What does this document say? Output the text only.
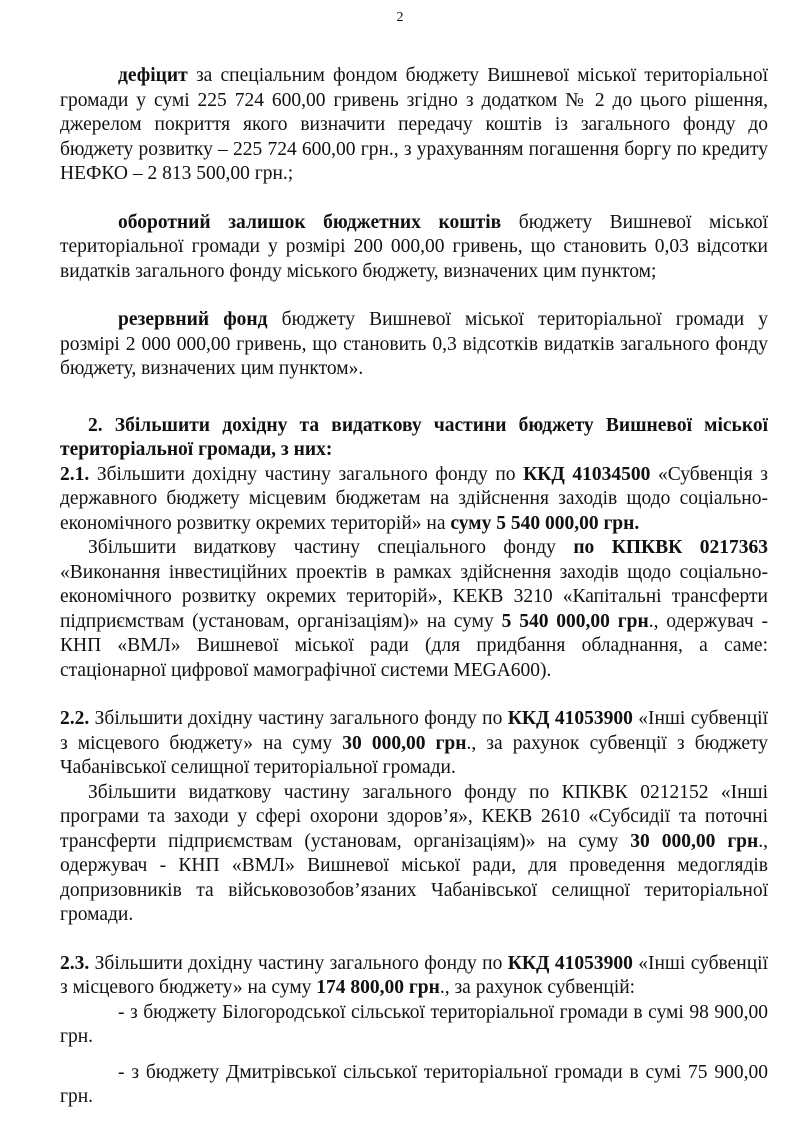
2

дефіцит за спеціальним фондом бюджету Вишневої міської територіальної громади у сумі 225 724 600,00 гривень згідно з додатком № 2 до цього рішення, джерелом покриття якого визначити передачу коштів із загального фонду до бюджету розвитку – 225 724 600,00 грн., з урахуванням погашення боргу по кредиту НЕФКО – 2 813 500,00 грн.;

оборотний залишок бюджетних коштів бюджету Вишневої міської територіальної громади у розмірі 200 000,00 гривень, що становить 0,03 відсотки видатків загального фонду міського бюджету, визначених цим пунктом;

резервний фонд бюджету Вишневої міської територіальної громади у розмірі 2 000 000,00 гривень, що становить 0,3 відсотків видатків загального фонду бюджету, визначених цим пунктом».

2. Збільшити дохідну та видаткову частини бюджету Вишневої міської територіальної громади, з них:

2.1. Збільшити дохідну частину загального фонду по ККД 41034500 «Субвенція з державного бюджету місцевим бюджетам на здійснення заходів щодо соціально-економічного розвитку окремих територій» на суму 5 540 000,00 грн.

Збільшити видаткову частину спеціального фонду по КПКВК 0217363 «Виконання інвестиційних проектів в рамках здійснення заходів щодо соціально-економічного розвитку окремих територій», КЕКВ 3210 «Капітальні трансферти підприємствам (установам, організаціям)» на суму 5 540 000,00 грн., одержувач - КНП «ВМЛ» Вишневої міської ради (для придбання обладнання, а саме: стаціонарної цифрової мамографічної системи MEGA600).

2.2. Збільшити дохідну частину загального фонду по ККД 41053900 «Інші субвенції з місцевого бюджету» на суму 30 000,00 грн., за рахунок субвенції з бюджету Чабанівської селищної територіальної громади.

Збільшити видаткову частину загального фонду по КПКВК 0212152 «Інші програми та заходи у сфері охорони здоров’я», КЕКВ 2610 «Субсидії та поточні трансферти підприємствам (установам, організаціям)» на суму 30 000,00 грн., одержувач - КНП «ВМЛ» Вишневої міської ради, для проведення медоглядів допризовників та військовозобов’язаних Чабанівської селищної територіальної громади.

2.3. Збільшити дохідну частину загального фонду по ККД 41053900 «Інші субвенції з місцевого бюджету» на суму 174 800,00 грн., за рахунок субвенцій:

- з бюджету Білогородської сільської територіальної громади в сумі 98 900,00 грн.

- з бюджету Дмитрівської сільської територіальної громади в сумі 75 900,00 грн.
